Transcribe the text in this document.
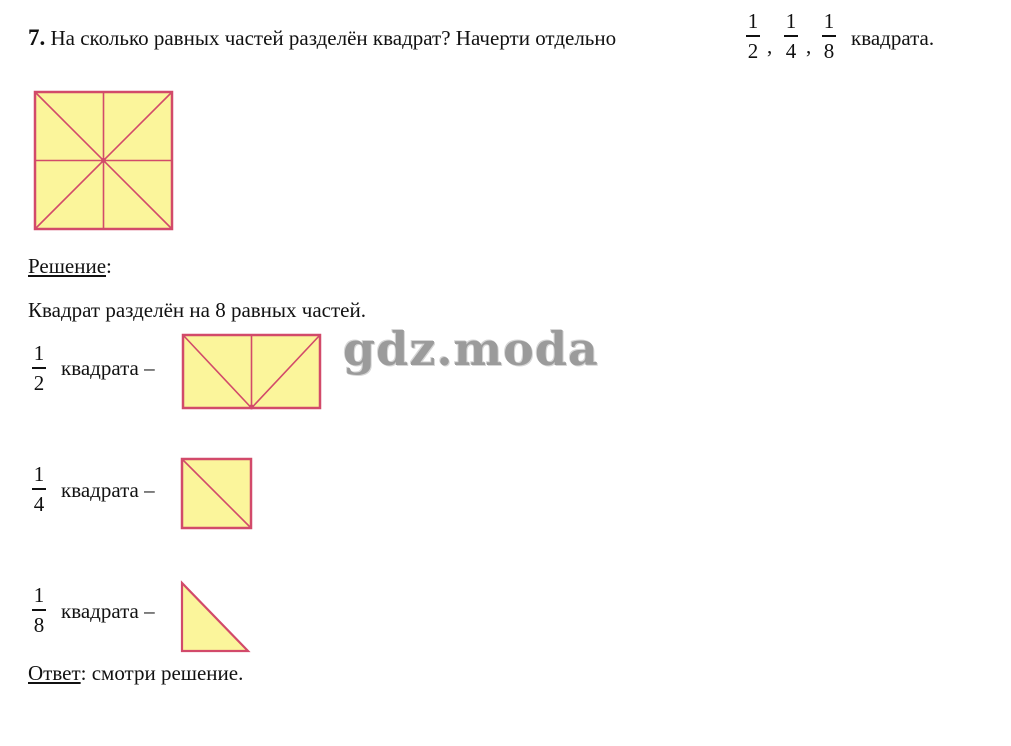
7. На сколько равных частей разделён квадрат? Начерти отдельно	$\frac{1}{2}$ , $\frac{1}{4}$ , $\frac{1}{8}$ квадрата.
Решение:
Квадрат разделён на 8 равных частей.
gdz.moda
$\frac{1}{2}$ квадрата –
$\frac{1}{4}$ квадрата –
$\frac{1}{8}$ квадрата –
Ответ: смотри решение.
